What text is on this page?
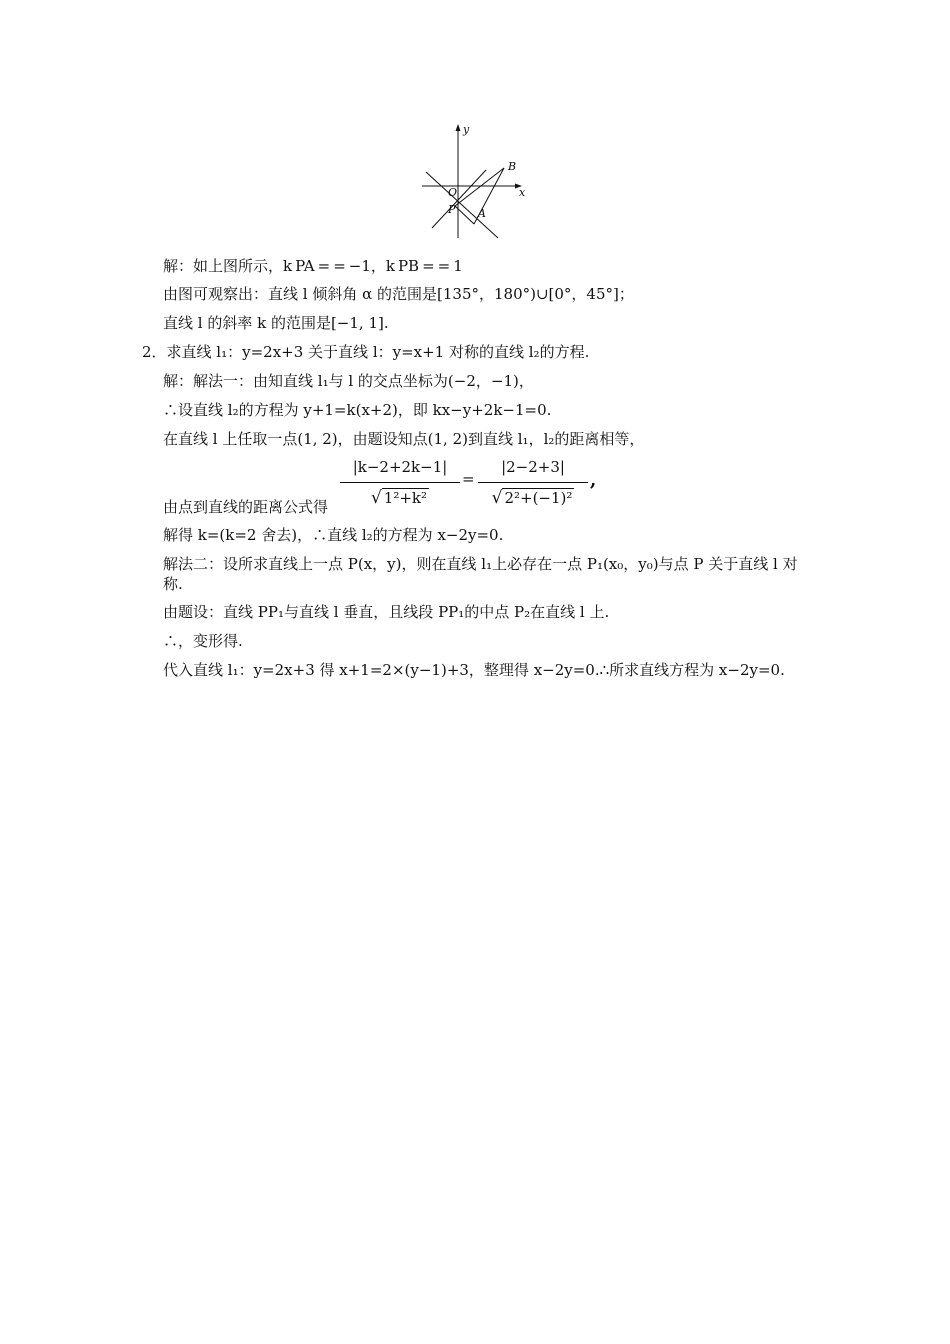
y
x
B
O
P A
解：如上图所示，k PA = = −1，k PB = = 1
由图可观察出：直线 l 倾斜角 α 的范围是[135°，180°)∪[0°，45°]；
直线 l 的斜率 k 的范围是[−1, 1].
2．求直线 l₁：y=2x+3 关于直线 l：y=x+1 对称的直线 l₂的方程.
解：解法一：由知直线 l₁与 l 的交点坐标为(−2，−1)，
∴设直线 l₂的方程为 y+1=k(x+2)，即 kx−y+2k−1=0.
在直线 l 上任取一点(1, 2)，由题设知点(1, 2)到直线 l₁，l₂的距离相等，
|k−2+2k−1|
√ 1²+k²
=
|2−2+3|
√ 2²+(−1)²
,
由点到直线的距离公式得
解得 k=(k=2 舍去)，∴直线 l₂的方程为 x−2y=0.
解法二：设所求直线上一点 P(x，y)，则在直线 l₁上必存在一点 P₁(x₀，y₀)与点 P 关于直线 l 对称.
由题设：直线 PP₁与直线 l 垂直，且线段 PP₁的中点 P₂在直线 l 上.
∴，变形得.
代入直线 l₁：y=2x+3 得 x+1=2×(y−1)+3，整理得 x−2y=0.∴所求直线方程为 x−2y=0.
